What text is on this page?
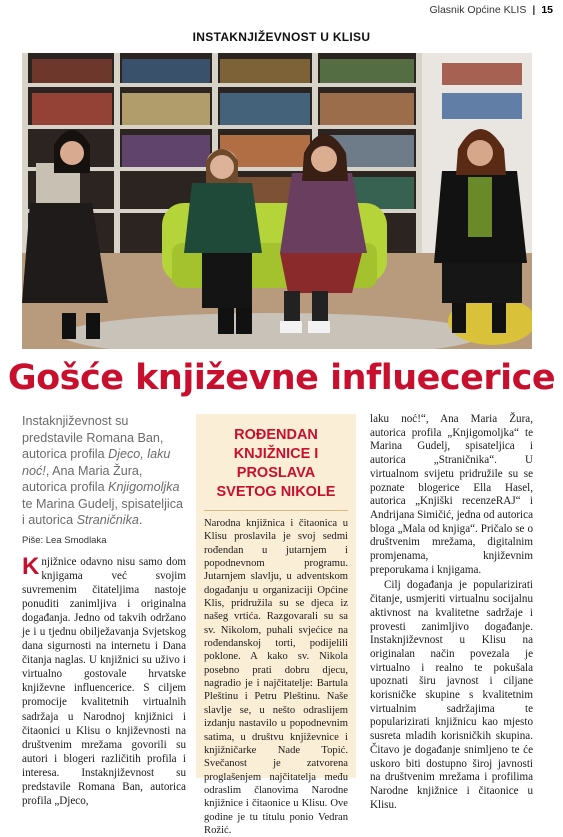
Glasnik Općine KLIS | 15
INSTAKNJIŽEVNOST U KLISU
Gošće književne influecerice

Instaknjiževnost su predstavile Romana Ban, autorica profila Djeco, laku noć!, Ana Maria Žura, autorica profila Knjigomoljka te Marina Gudelj, spisateljica i autorica Straničnika.

Piše: Lea Smodlaka

Knjižnice odavno nisu samo dom knjigama već svojim suvremenim čitateljima nastoje ponuditi zanimljiva i originalna događanja. Jedno od takvih održano je i u tjednu obilježavanja Svjetskog dana sigurnosti na internetu i Dana čitanja naglas. U knjižnici su uživo i virtualno gostovale hrvatske književne influencerice. S ciljem promocije kvalitetnih virtualnih sadržaja u Narodnoj knjižnici i čitaonici u Klisu o književnosti na društvenim mrežama govorili su autori i blogeri različitih profila i interesa. Instaknjiževnost su predstavile Romana Ban, autorica profila „Djeco,

ROĐENDAN
KNJIŽNICE I
PROSLAVA
SVETOG NIKOLE

Narodna knjižnica i čitaonica u Klisu proslavila je svoj sedmi rođendan u jutarnjem i popodnevnom programu. Jutarnjem slavlju, u adventskom događanju u organizaciji Općine Klis, pridružila su se djeca iz našeg vrtića. Razgovarali su sa sv. Nikolom, puhali svjećice na rođendanskoj torti, podijelili poklone. A kako sv. Nikola posebno prati dobru djecu, nagradio je i najčitatelje: Bartula Pleštinu i Petru Pleštinu. Naše slavlje se, u nešto odraslijem izdanju nastavilo u popodnevnim satima, u društvu književnice i knjižničarke Nade Topić. Svečanost je zatvorena proglašenjem najčitatelja među odraslim članovima Narodne knjižnice i čitaonice u Klisu. Ove godine je tu titulu ponio Vedran Rožić.

laku noć!“, Ana Maria Žura, autorica profila „Knjigomoljka“ te Marina Gudelj, spisateljica i autorica „Straničnika“. U virtualnom svijetu pridružile su se poznate blogerice Ella Hasel, autorica „Knjiški recenzeRAJ“ i Andrijana Simičić, jedna od autorica bloga „Mala od knjiga“. Pričalo se o društvenim mrežama, digitalnim promjenama, književnim preporukama i knjigama.

Cilj događanja je popularizirati čitanje, usmjeriti virtualnu socijalnu aktivnost na kvalitetne sadržaje i provesti zanimljivo događanje. Instaknjiževnost u Klisu na originalan način povezala je virtualno i realno te pokušala upoznati širu javnost i ciljane korisničke skupine s kvalitetnim virtualnim sadržajima te popularizirati knjižnicu kao mjesto susreta mladih korisničkih skupina. Čitavo je događanje snimljeno te će uskoro biti dostupno široj javnosti na društvenim mrežama i profilima Narodne knjižnice i čitaonice u Klisu.
